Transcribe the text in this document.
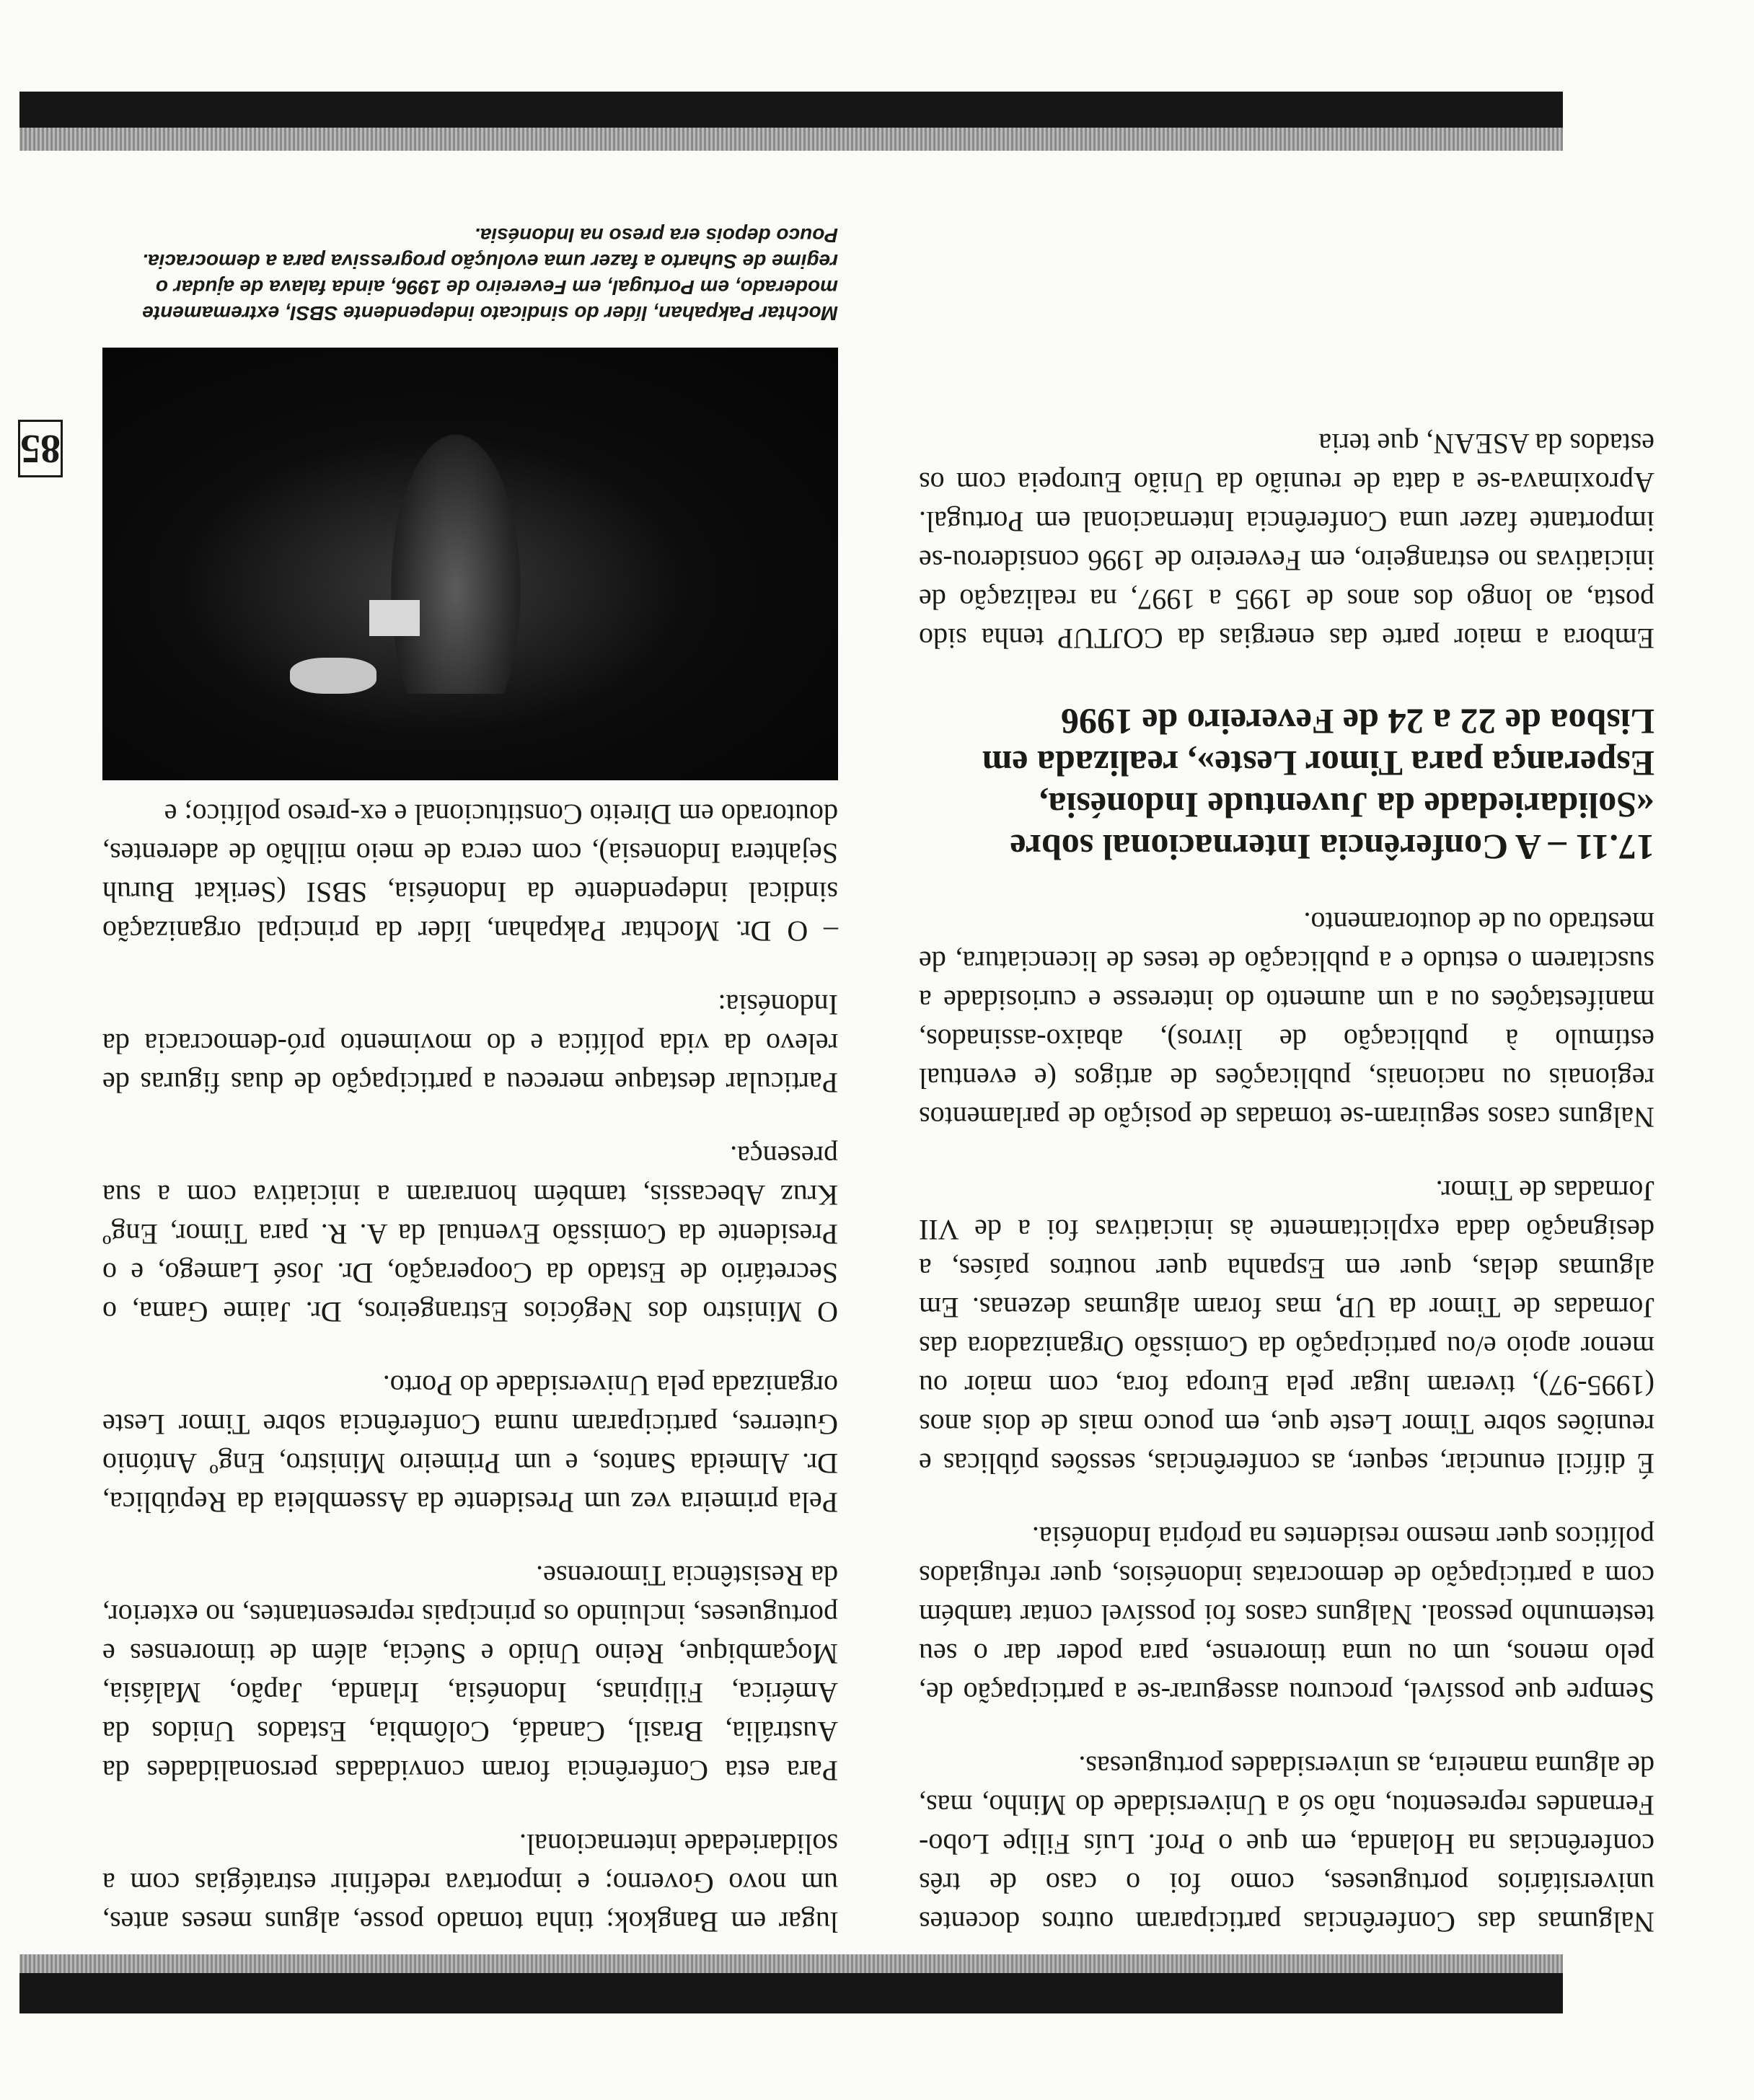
85

Nalgumas das Conferências participaram outros docentes universitários portugueses, como foi o caso de três conferências na Holanda, em que o Prof. Luís Filipe Lobo-Fernandes representou, não só a Universidade do Minho, mas, de alguma maneira, as universidades portuguesas.

Sempre que possível, procurou assegurar-se a participação de, pelo menos, um ou uma timorense, para poder dar o seu testemunho pessoal. Nalguns casos foi possível contar também com a participação de democratas indonésios, quer refugiados políticos quer mesmo residentes na própria Indonésia.

É difícil enunciar, sequer, as conferências, sessões públicas e reuniões sobre Timor Leste que, em pouco mais de dois anos (1995-97), tiveram lugar pela Europa fora, com maior ou menor apoio e/ou participação da Comissão Organizadora das Jornadas de Timor da UP, mas foram algumas dezenas. Em algumas delas, quer em Espanha quer noutros países, a designação dada explicitamente às iniciativas foi a de VII Jornadas de Timor.

Nalguns casos seguiram-se tomadas de posição de parlamentos regionais ou nacionais, publicações de artigos (e eventual estímulo à publicação de livros), abaixo-assinados, manifestações ou a um aumento do interesse e curiosidade a suscitarem o estudo e a publicação de teses de licenciatura, de mestrado ou de doutoramento.

17.11 – A Conferência Internacional sobre «Solidariedade da Juventude Indonésia, Esperança para Timor Leste», realizada em Lisboa de 22 a 24 de Fevereiro de 1996

Embora a maior parte das energias da COJTUP tenha sido posta, ao longo dos anos de 1995 a 1997, na realização de iniciativas no estrangeiro, em Fevereiro de 1996 considerou-se importante fazer uma Conferência Internacional em Portugal. Aproximava-se a data de reunião da União Europeia com os estados da ASEAN, que teria

lugar em Bangkok; tinha tomado posse, alguns meses antes, um novo Governo; e importava redefinir estratégias com a solidariedade internacional.

Para esta Conferência foram convidadas personalidades da Austrália, Brasil, Canadá, Colômbia, Estados Unidos da América, Filipinas, Indonésia, Irlanda, Japão, Malásia, Moçambique, Reino Unido e Suécia, além de timorenses e portugueses, incluindo os principais representantes, no exterior, da Resistência Timorense.

Pela primeira vez um Presidente da Assembleia da República, Dr. Almeida Santos, e um Primeiro Ministro, Engº António Guterres, participaram numa Conferência sobre Timor Leste organizada pela Universidade do Porto.

O Ministro dos Negócios Estrangeiros, Dr. Jaime Gama, o Secretário de Estado da Cooperação, Dr. José Lamego, e o Presidente da Comissão Eventual da A. R. para Timor, Engº Kruz Abecassis, também honraram a iniciativa com a sua presença.

Particular destaque mereceu a participação de duas figuras de relevo da vida política e do movimento pró-democracia da Indonésia:

– O Dr. Mochtar Pakpahan, líder da principal organização sindical independente da Indonésia, SBSI (Serikat Buruh Sejahtera Indonesia), com cerca de meio milhão de aderentes, doutorado em Direito Constitucional e ex-preso político; e

Mochtar Pakpahan, líder do sindicato independente SBSI, extremamente moderado, em Portugal, em Fevereiro de 1996, ainda falava de ajudar o regime de Suharto a fazer uma evolução progressiva para a democracia. Pouco depois era preso na Indonésia.
